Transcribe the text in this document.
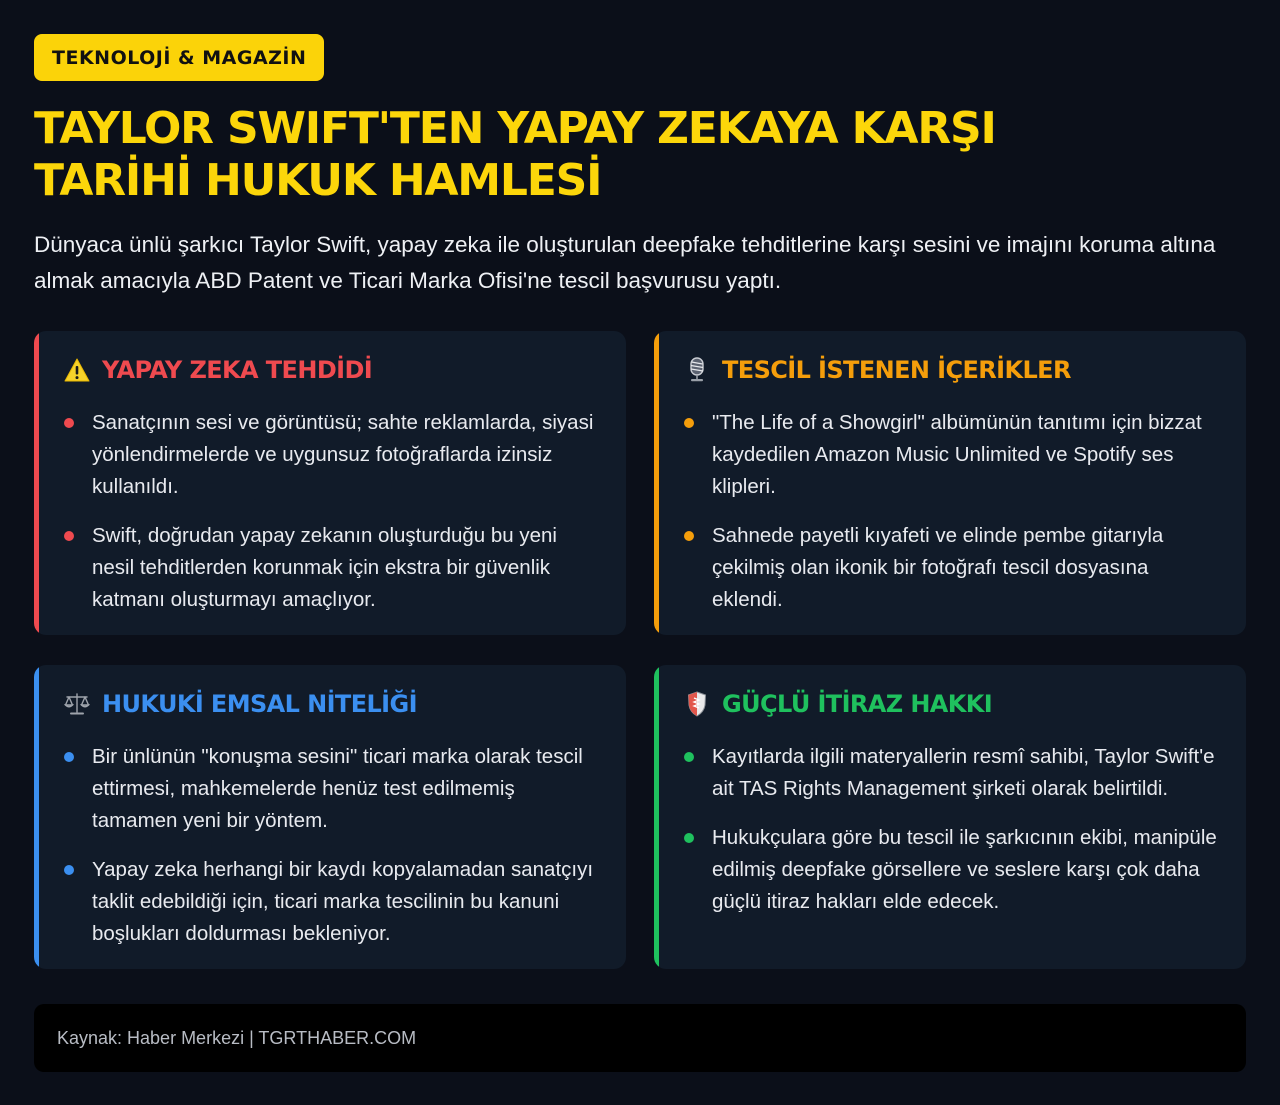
TEKNOLOJİ & MAGAZİN
TAYLOR SWIFT'TEN YAPAY ZEKAYA KARŞI TARİHİ HUKUK HAMLESİ

Dünyaca ünlü şarkıcı Taylor Swift, yapay zeka ile oluşturulan deepfake tehditlerine karşı sesini ve imajını koruma altına almak amacıyla ABD Patent ve Ticari Marka Ofisi'ne tescil başvurusu yaptı.

YAPAY ZEKA TEHDİDİ
Sanatçının sesi ve görüntüsü; sahte reklamlarda, siyasi yönlendirmelerde ve uygunsuz fotoğraflarda izinsiz kullanıldı.
Swift, doğrudan yapay zekanın oluşturduğu bu yeni nesil tehditlerden korunmak için ekstra bir güvenlik katmanı oluşturmayı amaçlıyor.
TESCİL İSTENEN İÇERİKLER
"The Life of a Showgirl" albümünün tanıtımı için bizzat kaydedilen Amazon Music Unlimited ve Spotify ses klipleri.
Sahnede payetli kıyafeti ve elinde pembe gitarıyla çekilmiş olan ikonik bir fotoğrafı tescil dosyasına eklendi.
HUKUKİ EMSAL NİTELİĞİ
Bir ünlünün "konuşma sesini" ticari marka olarak tescil ettirmesi, mahkemelerde henüz test edilmemiş tamamen yeni bir yöntem.
Yapay zeka herhangi bir kaydı kopyalamadan sanatçıyı taklit edebildiği için, ticari marka tescilinin bu kanuni boşlukları doldurması bekleniyor.
GÜÇLÜ İTİRAZ HAKKI
Kayıtlarda ilgili materyallerin resmî sahibi, Taylor Swift'e ait TAS Rights Management şirketi olarak belirtildi.
Hukukçulara göre bu tescil ile şarkıcının ekibi, manipüle edilmiş deepfake görsellere ve seslere karşı çok daha güçlü itiraz hakları elde edecek.
Kaynak: Haber Merkezi | TGRTHABER.COM
